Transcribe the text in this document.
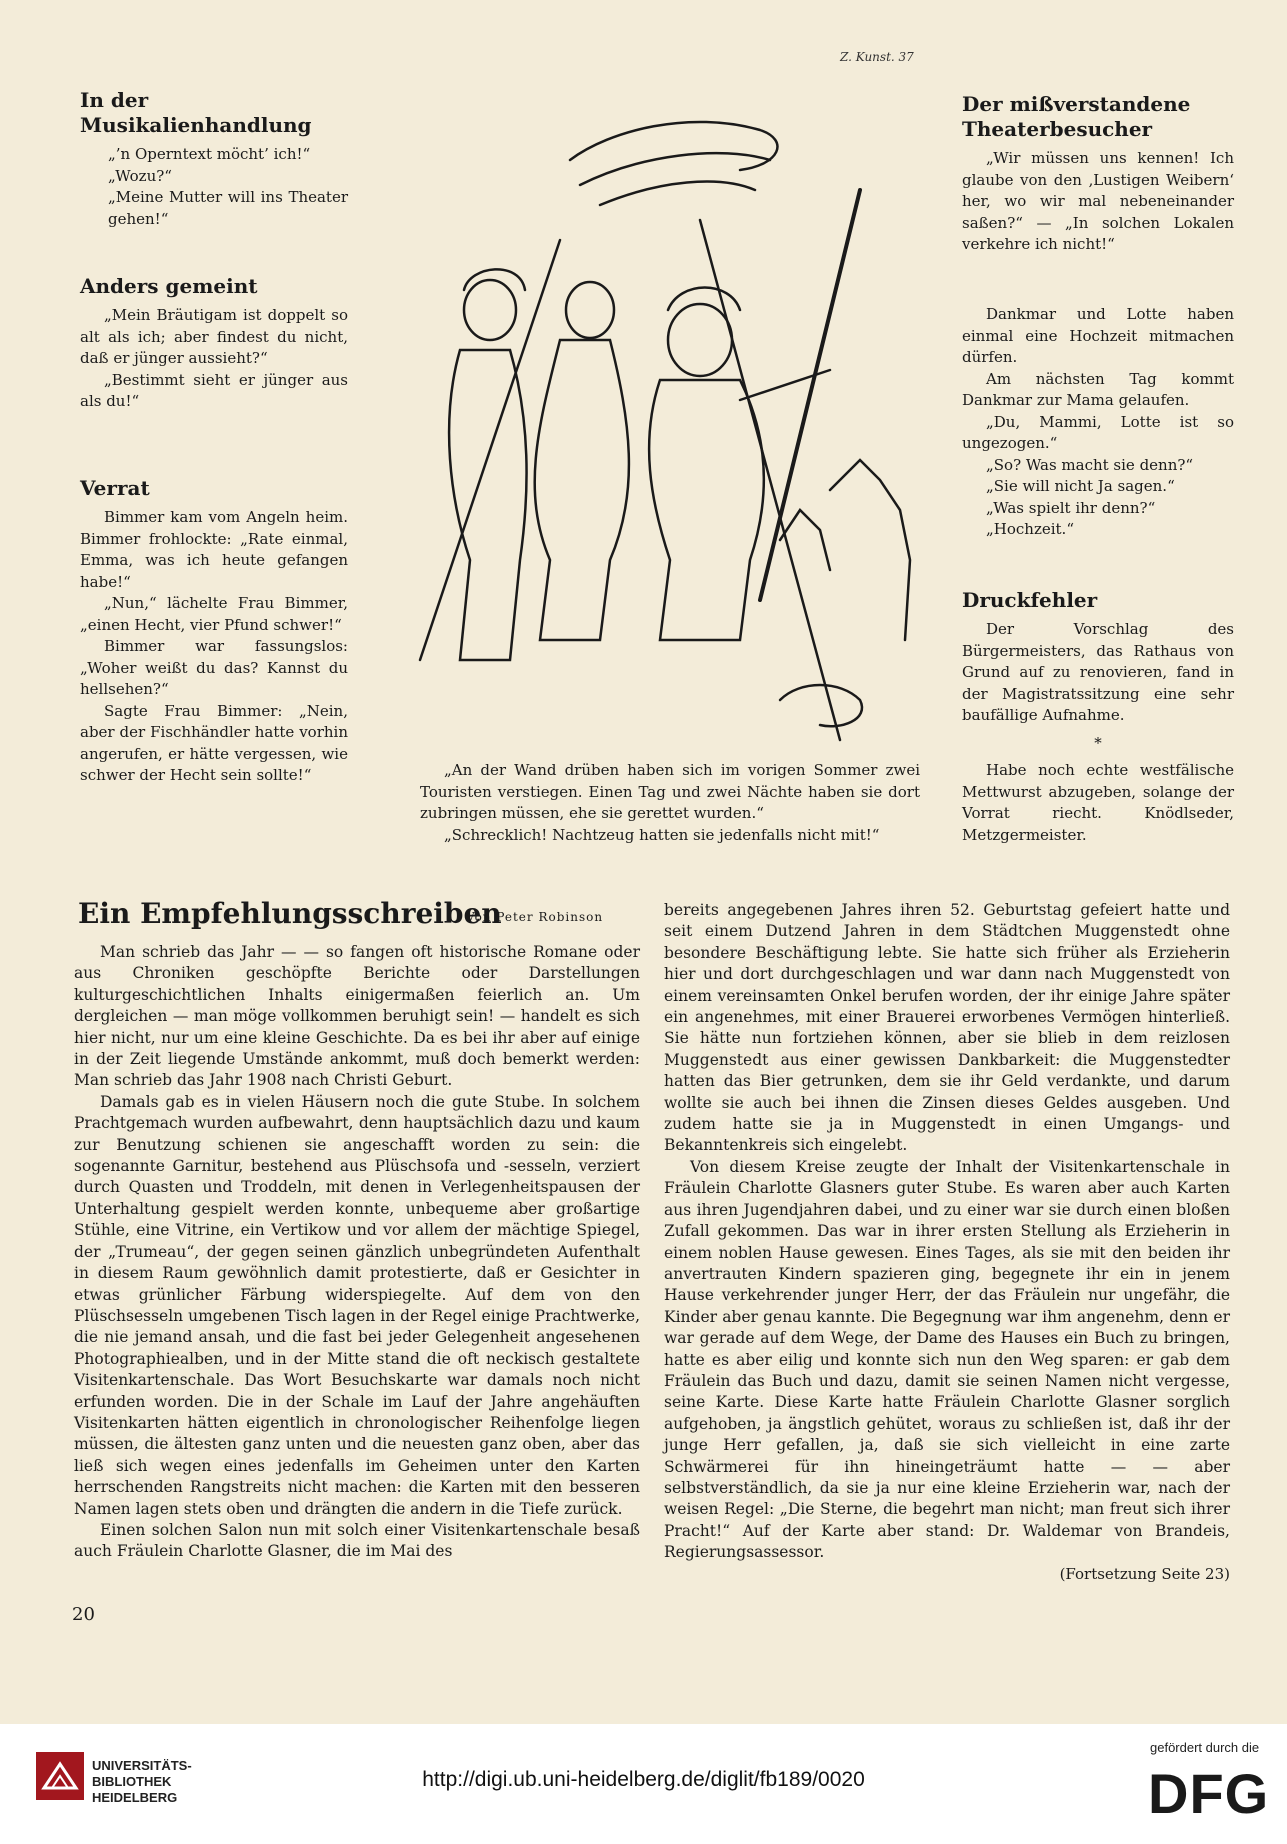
In der
Musikalienhandlung

„’n Operntext möcht’ ich!“

„Wozu?“

„Meine Mutter will ins Theater gehen!“

Anders gemeint

„Mein Bräutigam ist doppelt so alt als ich; aber findest du nicht, daß er jünger aussieht?“

„Bestimmt sieht er jünger aus als du!“

Verrat

Bimmer kam vom Angeln heim. Bimmer frohlockte: „Rate einmal, Emma, was ich heute gefangen habe!“

„Nun,“ lächelte Frau Bimmer, „einen Hecht, vier Pfund schwer!“

Bimmer war fassungslos: „Woher weißt du das? Kannst du hellsehen?“

Sagte Frau Bimmer: „Nein, aber der Fischhändler hatte vorhin angerufen, er hätte vergessen, wie schwer der Hecht sein sollte!“

Z. Kunst. 37

„An der Wand drüben haben sich im vorigen Sommer zwei Touristen verstiegen. Einen Tag und zwei Nächte haben sie dort zubringen müssen, ehe sie gerettet wurden.“

„Schrecklich! Nachtzeug hatten sie jedenfalls nicht mit!“

Der mißverstandene
Theaterbesucher

„Wir müssen uns kennen! Ich glaube von den ‚Lustigen Weibern‘ her, wo wir mal nebeneinander saßen?“ — „In solchen Lokalen verkehre ich nicht!“

Dankmar und Lotte haben einmal eine Hochzeit mitmachen dürfen.

Am nächsten Tag kommt Dankmar zur Mama gelaufen.

„Du, Mammi, Lotte ist so ungezogen.“

„So? Was macht sie denn?“

„Sie will nicht Ja sagen.“

„Was spielt ihr denn?“

„Hochzeit.“

Druckfehler

Der Vorschlag des Bürgermeisters, das Rathaus von Grund auf zu renovieren, fand in der Magistratssitzung eine sehr baufällige Aufnahme.

*

Habe noch echte westfälische Mettwurst abzugeben, solange der Vorrat riecht. Knödlseder, Metzgermeister.

Ein Empfehlungsschreiben
Von Peter Robinson

Man schrieb das Jahr — — so fangen oft historische Romane oder aus Chroniken geschöpfte Berichte oder Darstellungen kulturgeschichtlichen Inhalts einigermaßen feierlich an. Um dergleichen — man möge vollkommen beruhigt sein! — handelt es sich hier nicht, nur um eine kleine Geschichte. Da es bei ihr aber auf einige in der Zeit liegende Umstände ankommt, muß doch bemerkt werden: Man schrieb das Jahr 1908 nach Christi Geburt.

Damals gab es in vielen Häusern noch die gute Stube. In solchem Prachtgemach wurden aufbewahrt, denn hauptsächlich dazu und kaum zur Benutzung schienen sie angeschafft worden zu sein: die sogenannte Garnitur, bestehend aus Plüschsofa und -sesseln, verziert durch Quasten und Troddeln, mit denen in Verlegenheitspausen der Unterhaltung gespielt werden konnte, unbequeme aber großartige Stühle, eine Vitrine, ein Vertikow und vor allem der mächtige Spiegel, der „Trumeau“, der gegen seinen gänzlich unbegründeten Aufenthalt in diesem Raum gewöhnlich damit protestierte, daß er Gesichter in etwas grünlicher Färbung widerspiegelte. Auf dem von den Plüschsesseln umgebenen Tisch lagen in der Regel einige Prachtwerke, die nie jemand ansah, und die fast bei jeder Gelegenheit angesehenen Photographiealben, und in der Mitte stand die oft neckisch gestaltete Visitenkartenschale. Das Wort Besuchskarte war damals noch nicht erfunden worden. Die in der Schale im Lauf der Jahre angehäuften Visitenkarten hätten eigentlich in chronologischer Reihenfolge liegen müssen, die ältesten ganz unten und die neuesten ganz oben, aber das ließ sich wegen eines jedenfalls im Geheimen unter den Karten herrschenden Rangstreits nicht machen: die Karten mit den besseren Namen lagen stets oben und drängten die andern in die Tiefe zurück.

Einen solchen Salon nun mit solch einer Visitenkartenschale besaß auch Fräulein Charlotte Glasner, die im Mai des

bereits angegebenen Jahres ihren 52. Geburtstag gefeiert hatte und seit einem Dutzend Jahren in dem Städtchen Muggenstedt ohne besondere Beschäftigung lebte. Sie hatte sich früher als Erzieherin hier und dort durchgeschlagen und war dann nach Muggenstedt von einem vereinsamten Onkel berufen worden, der ihr einige Jahre später ein angenehmes, mit einer Brauerei erworbenes Vermögen hinterließ. Sie hätte nun fortziehen können, aber sie blieb in dem reizlosen Muggenstedt aus einer gewissen Dankbarkeit: die Muggenstedter hatten das Bier getrunken, dem sie ihr Geld verdankte, und darum wollte sie auch bei ihnen die Zinsen dieses Geldes ausgeben. Und zudem hatte sie ja in Muggenstedt in einen Umgangs- und Bekanntenkreis sich eingelebt.

Von diesem Kreise zeugte der Inhalt der Visitenkartenschale in Fräulein Charlotte Glasners guter Stube. Es waren aber auch Karten aus ihren Jugendjahren dabei, und zu einer war sie durch einen bloßen Zufall gekommen. Das war in ihrer ersten Stellung als Erzieherin in einem noblen Hause gewesen. Eines Tages, als sie mit den beiden ihr anvertrauten Kindern spazieren ging, begegnete ihr ein in jenem Hause verkehrender junger Herr, der das Fräulein nur ungefähr, die Kinder aber genau kannte. Die Begegnung war ihm angenehm, denn er war gerade auf dem Wege, der Dame des Hauses ein Buch zu bringen, hatte es aber eilig und konnte sich nun den Weg sparen: er gab dem Fräulein das Buch und dazu, damit sie seinen Namen nicht vergesse, seine Karte. Diese Karte hatte Fräulein Charlotte Glasner sorglich aufgehoben, ja ängstlich gehütet, woraus zu schließen ist, daß ihr der junge Herr gefallen, ja, daß sie sich vielleicht in eine zarte Schwärmerei für ihn hineingeträumt hatte — — aber selbstverständlich, da sie ja nur eine kleine Erzieherin war, nach der weisen Regel: „Die Sterne, die begehrt man nicht; man freut sich ihrer Pracht!“ Auf der Karte aber stand: Dr. Waldemar von Brandeis, Regierungsassessor.

(Fortsetzung Seite 23)
20

UNIVERSITÄTS-
BIBLIOTHEK
HEIDELBERG

http://digi.ub.uni-heidelberg.de/diglit/fb189/0020
gefördert durch die
DFG
